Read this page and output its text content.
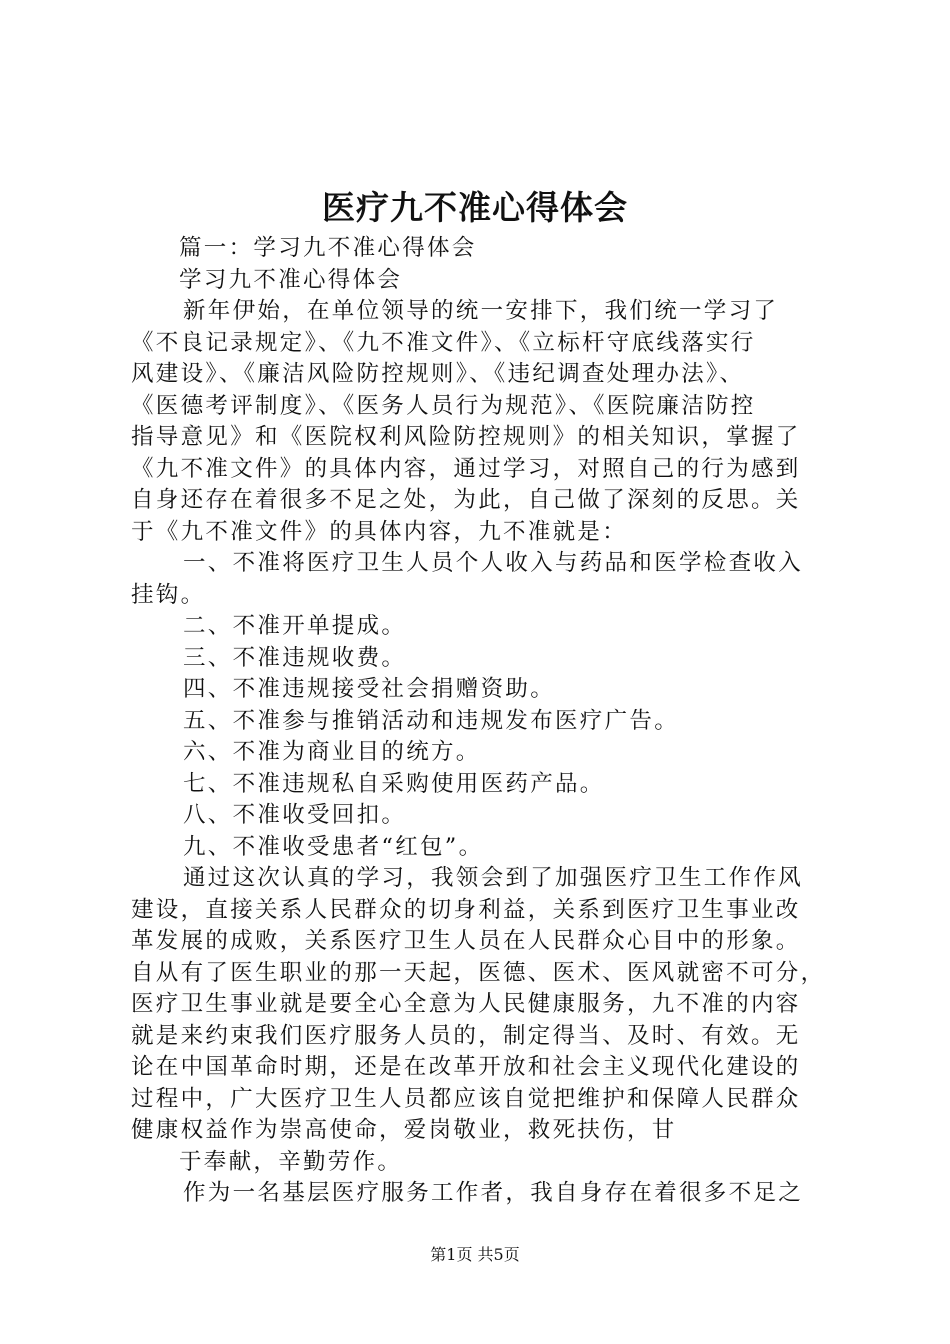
医疗九不准心得体会
篇一：学习九不准心得体会
学习九不准心得体会
新年伊始，在单位领导的统一安排下，我们统一学习了
《不良记录规定》、《九不准文件》、《立标杆守底线落实行
风建设》、《廉洁风险防控规则》、《违纪调查处理办法》、
《医德考评制度》、《医务人员行为规范》、《医院廉洁防控
指导意见》和《医院权利风险防控规则》的相关知识，掌握了
《九不准文件》的具体内容，通过学习，对照自己的行为感到
自身还存在着很多不足之处，为此，自己做了深刻的反思。关
于《九不准文件》的具体内容，九不准就是：
一、不准将医疗卫生人员个人收入与药品和医学检查收入
挂钩。
二、不准开单提成。
三、不准违规收费。
四、不准违规接受社会捐赠资助。
五、不准参与推销活动和违规发布医疗广告。
六、不准为商业目的统方。
七、不准违规私自采购使用医药产品。
八、不准收受回扣。
九、不准收受患者“红包”。
通过这次认真的学习，我领会到了加强医疗卫生工作作风
建设，直接关系人民群众的切身利益，关系到医疗卫生事业改
革发展的成败，关系医疗卫生人员在人民群众心目中的形象。
自从有了医生职业的那一天起，医德、医术、医风就密不可分，
医疗卫生事业就是要全心全意为人民健康服务，九不准的内容
就是来约束我们医疗服务人员的，制定得当、及时、有效。无
论在中国革命时期，还是在改革开放和社会主义现代化建设的
过程中，广大医疗卫生人员都应该自觉把维护和保障人民群众
健康权益作为崇高使命，爱岗敬业，救死扶伤，甘
于奉献，辛勤劳作。
作为一名基层医疗服务工作者，我自身存在着很多不足之
第1页 共5页
